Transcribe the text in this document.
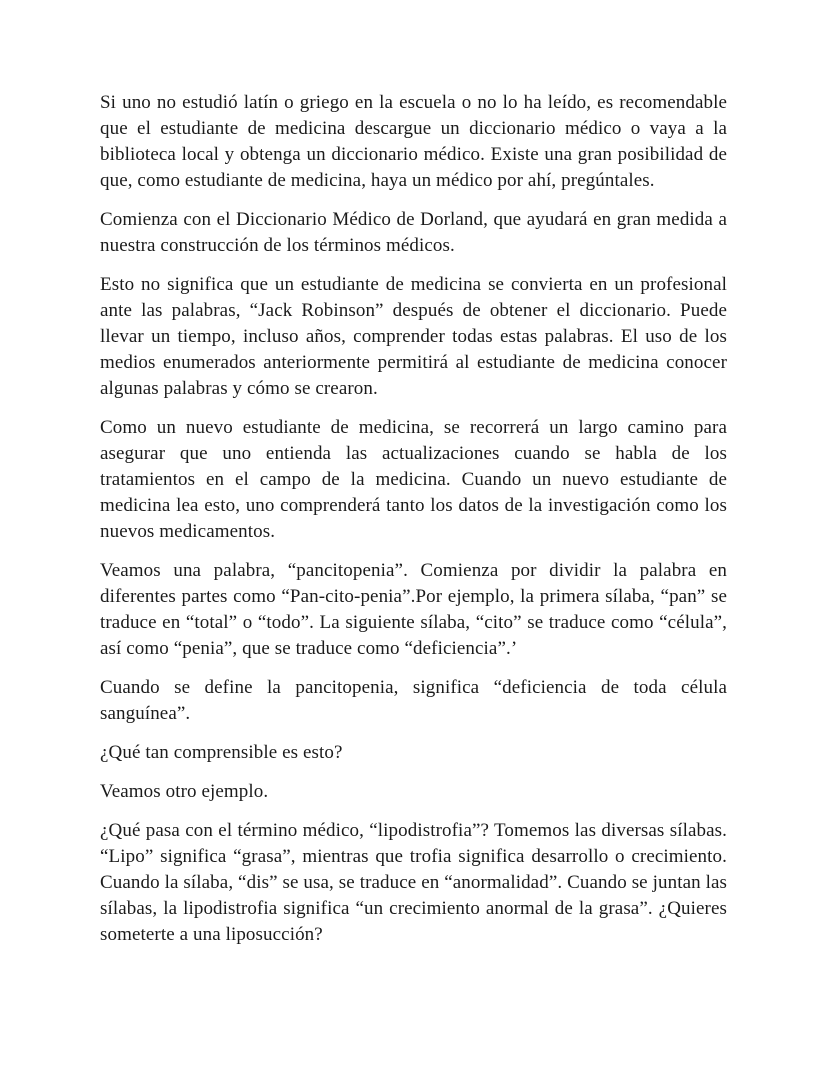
Si uno no estudió latín o griego en la escuela o no lo ha leído, es recomendable que el estudiante de medicina descargue un diccionario médico o vaya a la biblioteca local y obtenga un diccionario médico. Existe una gran posibilidad de que, como estudiante de medicina, haya un médico por ahí, pregúntales.

Comienza con el Diccionario Médico de Dorland, que ayudará en gran medida a nuestra construcción de los términos médicos.

Esto no significa que un estudiante de medicina se convierta en un profesional ante las palabras, “Jack Robinson” después de obtener el diccionario. Puede llevar un tiempo, incluso años, comprender todas estas palabras. El uso de los medios enumerados anteriormente permitirá al estudiante de medicina conocer algunas palabras y cómo se crearon.

Como un nuevo estudiante de medicina, se recorrerá un largo camino para asegurar que uno entienda las actualizaciones cuando se habla de los tratamientos en el campo de la medicina. Cuando un nuevo estudiante de medicina lea esto, uno comprenderá tanto los datos de la investigación como los nuevos medicamentos.

Veamos una palabra, “pancitopenia”. Comienza por dividir la palabra en diferentes partes como “Pan-cito-penia”.Por ejemplo, la primera sílaba, “pan” se traduce en “total” o “todo”. La siguiente sílaba, “cito” se traduce como “célula”, así como “penia”, que se traduce como “deficiencia”.’

Cuando se define la pancitopenia, significa “deficiencia de toda célula sanguínea”.

¿Qué tan comprensible es esto?

Veamos otro ejemplo.

¿Qué pasa con el término médico, “lipodistrofia”? Tomemos las diversas sílabas. “Lipo” significa “grasa”, mientras que trofia significa desarrollo o crecimiento. Cuando la sílaba, “dis” se usa, se traduce en “anormalidad”. Cuando se juntan las sílabas, la lipodistrofia significa “un crecimiento anormal de la grasa”. ¿Quieres someterte a una liposucción?
